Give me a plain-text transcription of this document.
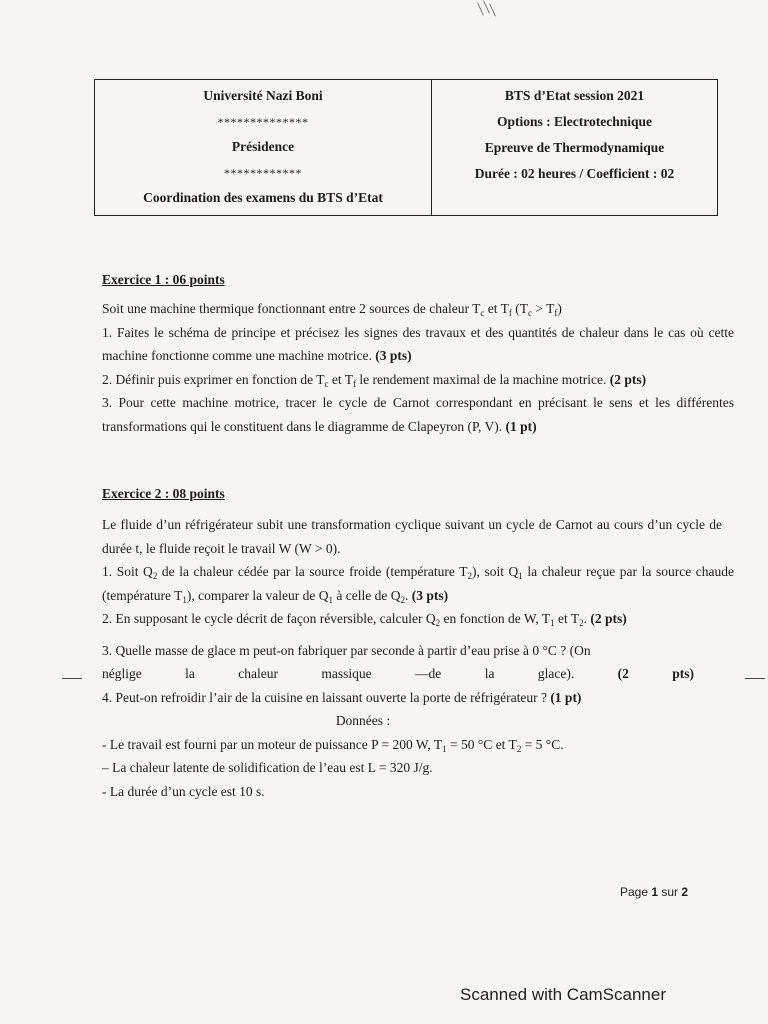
Université Nazi Boni
**************
Présidence
************
Coordination des examens du BTS d’Etat
BTS d’Etat session 2021
Options : Electrotechnique
Epreuve de Thermodynamique
Durée : 02 heures / Coefficient : 02
Exercice 1 : 06 points

Soit une machine thermique fonctionnant entre 2 sources de chaleur $T_c$ et $T_f$ $(T_c > T_f)$

1. Faites le schéma de principe et précisez les signes des travaux et des quantités de chaleur dans le cas où cette machine fonctionne comme une machine motrice. (3 pts)

2. Définir puis exprimer en fonction de $T_c$ et $T_f$ le rendement maximal de la machine motrice. (2 pts)

3. Pour cette machine motrice, tracer le cycle de Carnot correspondant en précisant le sens et les différentes transformations qui le constituent dans le diagramme de Clapeyron (P, V). (1 pt)

Exercice 2 : 08 points

Le fluide d’un réfrigérateur subit une transformation cyclique suivant un cycle de Carnot au cours d’un cycle de durée t, le fluide reçoit le travail W (W > 0).

1. Soit $Q_2$ de la chaleur cédée par la source froide (température $T_2$), soit $Q_1$ la chaleur reçue par la source chaude (température $T_1$), comparer la valeur de $Q_1$ à celle de $Q_2$. (3 pts)

2. En supposant le cycle décrit de façon réversible, calculer $Q_2$ en fonction de W, $T_1$ et $T_2$. (2 pts)

3. Quelle masse de glace m peut-on fabriquer par seconde à partir d’eau prise à 0 °C ? (On

néglige la chaleur massique —de la glace).	(2 pts)

4. Peut-on refroidir l’air de la cuisine en laissant ouverte la porte de réfrigérateur ? (1 pt)

Données :

- Le travail est fourni par un moteur de puissance P = 200 W, $T_1 = 50$ °C et $T_2 = 5$ °C.

– La chaleur latente de solidification de l’eau est L = 320 J/g.

- La durée d’un cycle est 10 s.

Page 1 sur 2
Scanned with CamScanner
